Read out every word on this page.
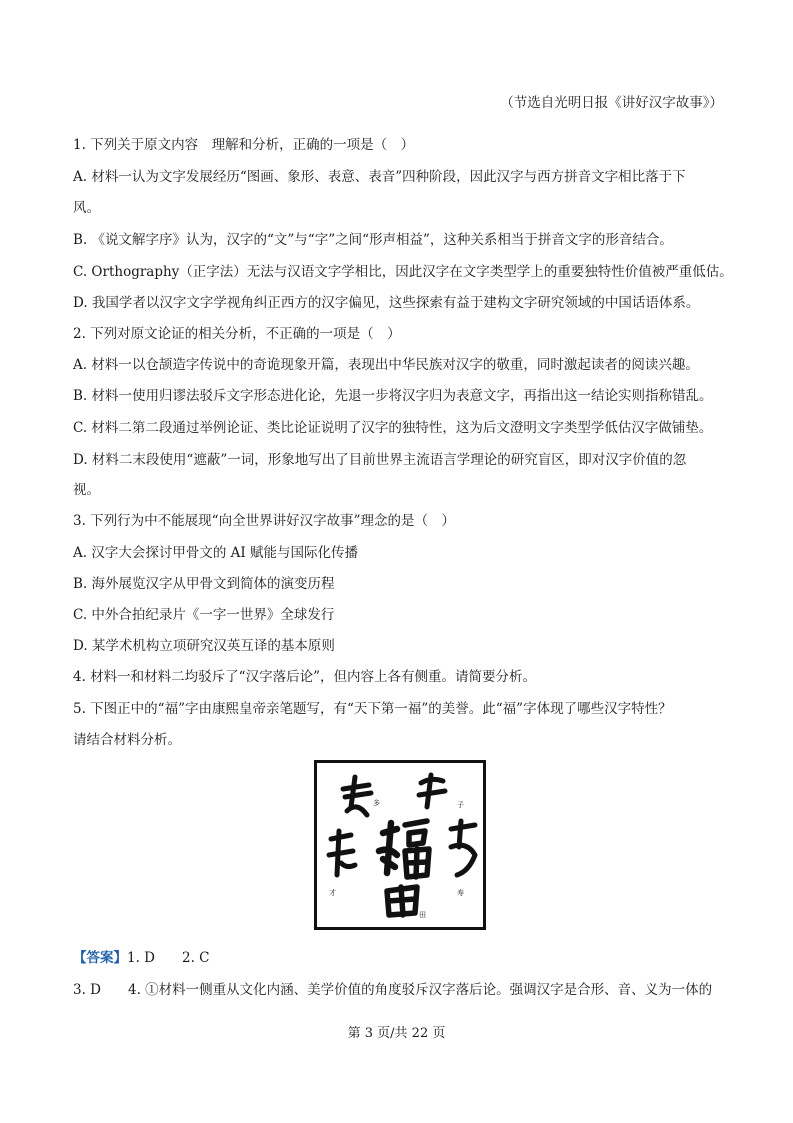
（节选自光明日报《讲好汉字故事》）
1. 下列关于原文内容　理解和分析，正确的一项是（　）
A. 材料一认为文字发展经历“图画、象形、表意、表音”四种阶段，因此汉字与西方拼音文字相比落于下
风。
B. 《说文解字序》认为，汉字的“文”与“字”之间“形声相益”，这种关系相当于拼音文字的形音结合。
C. Orthography（正字法）无法与汉语文字学相比，因此汉字在文字类型学上的重要独特性价值被严重低估。
D. 我国学者以汉字文字学视角纠正西方的汉字偏见，这些探索有益于建构文字研究领域的中国话语体系。
2. 下列对原文论证的相关分析，不正确的一项是（　）
A. 材料一以仓颉造字传说中的奇诡现象开篇，表现出中华民族对汉字的敬重，同时激起读者的阅读兴趣。
B. 材料一使用归谬法驳斥文字形态进化论，先退一步将汉字归为表意文字，再指出这一结论实则指称错乱。
C. 材料二第二段通过举例论证、类比论证说明了汉字的独特性，这为后文澄明文字类型学低估汉字做铺垫。
D. 材料二末段使用“遮蔽”一词，形象地写出了目前世界主流语言学理论的研究盲区，即对汉字价值的忽
视。
3. 下列行为中不能展现“向全世界讲好汉字故事”理念的是（　）
A. 汉字大会探讨甲骨文的 AI 赋能与国际化传播
B. 海外展览汉字从甲骨文到简体的演变历程
C. 中外合拍纪录片《一字一世界》全球发行
D. 某学术机构立项研究汉英互译的基本原则
4. 材料一和材料二均驳斥了“汉字落后论”，但内容上各有侧重。请简要分析。
5. 下图正中的“福”字由康熙皇帝亲笔题写，有“天下第一福”的美誉。此“福”字体现了哪些汉字特性？
请结合材料分析。
多	子
才	寿
田
【答案】1. D　　2. C
3. D　　4. ①材料一侧重从文化内涵、美学价值的角度驳斥汉字落后论。强调汉字是合形、音、义为一体的
第 3 页/共 22 页
